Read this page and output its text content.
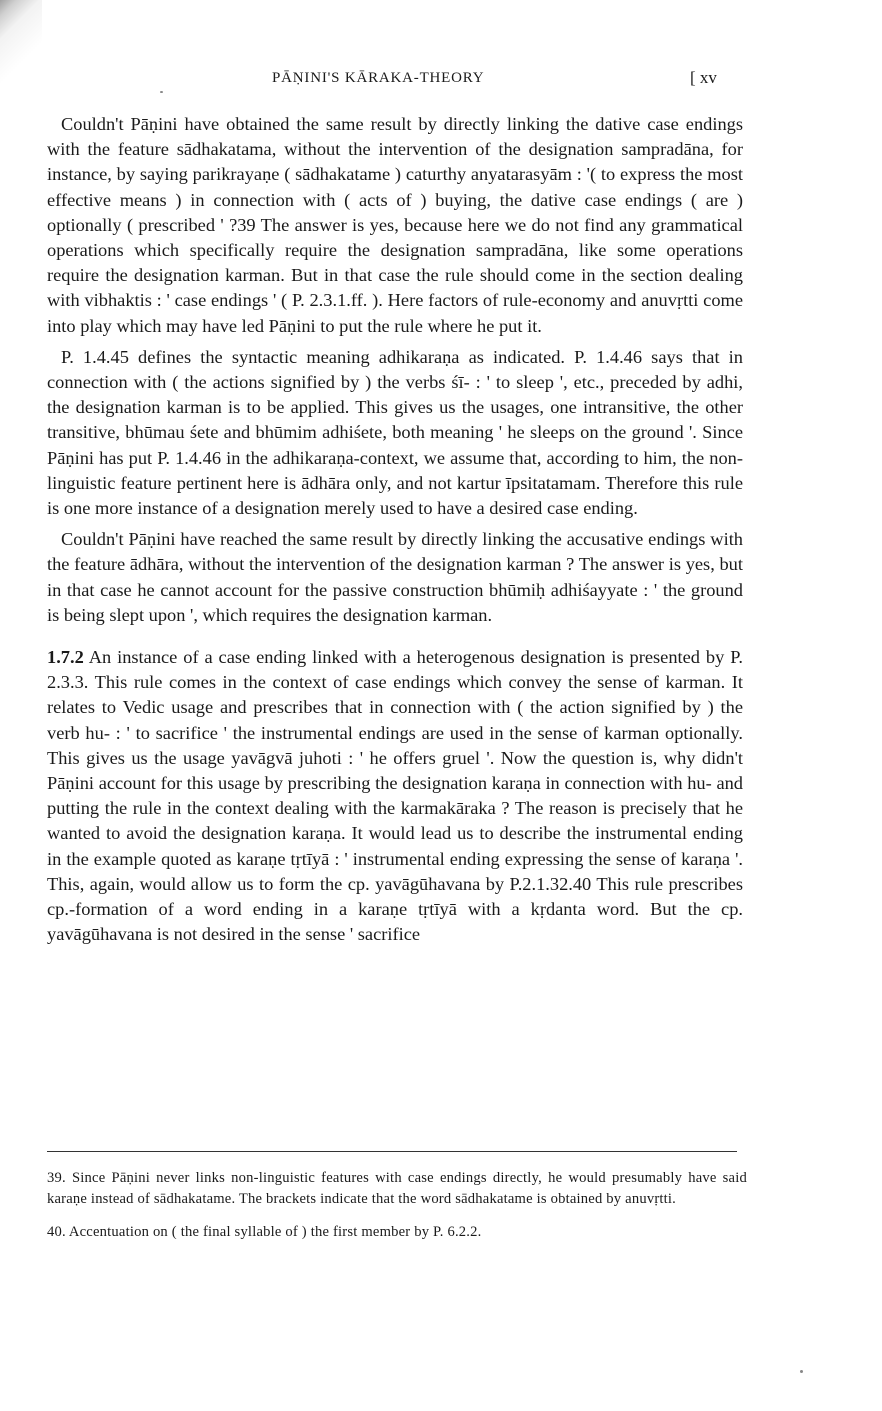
PĀṆINI'S KĀRAKA-THEORY	[ xv

Couldn't Pāṇini have obtained the same result by directly linking the dative case endings with the feature sādhakatama, without the intervention of the designation sampradāna, for instance, by saying parikrayaṇe ( sādhakatame ) caturthy anyatarasyām : '( to express the most effective means ) in connection with ( acts of ) buying, the dative case endings ( are ) optionally ( prescribed ' ?39 The answer is yes, because here we do not find any grammatical operations which specifically require the designation sampradāna, like some operations require the designation karman. But in that case the rule should come in the section dealing with vibhaktis : ' case endings ' ( P. 2.3.1.ff. ). Here factors of rule-economy and anuvṛtti come into play which may have led Pāṇini to put the rule where he put it.

P. 1.4.45 defines the syntactic meaning adhikaraṇa as indicated. P. 1.4.46 says that in connection with ( the actions signified by ) the verbs śī- : ' to sleep ', etc., preceded by adhi, the designation karman is to be applied. This gives us the usages, one intransitive, the other transitive, bhūmau śete and bhūmim adhiśete, both meaning ' he sleeps on the ground '. Since Pāṇini has put P. 1.4.46 in the adhikaraṇa-context, we assume that, according to him, the non-linguistic feature pertinent here is ādhāra only, and not kartur īpsitatamam. Therefore this rule is one more instance of a designation merely used to have a desired case ending.

Couldn't Pāṇini have reached the same result by directly linking the accusative endings with the feature ādhāra, without the intervention of the designation karman ? The answer is yes, but in that case he cannot account for the passive construction bhūmiḥ adhiśayyate : ' the ground is being slept upon ', which requires the designation karman.

1.7.2 An instance of a case ending linked with a heterogenous designation is presented by P. 2.3.3. This rule comes in the context of case endings which convey the sense of karman. It relates to Vedic usage and prescribes that in connection with ( the action signified by ) the verb hu- : ' to sacrifice ' the instrumental endings are used in the sense of karman optionally. This gives us the usage yavāgvā juhoti : ' he offers gruel '. Now the question is, why didn't Pāṇini account for this usage by prescribing the designation karaṇa in connection with hu- and putting the rule in the context dealing with the karmakāraka ? The reason is precisely that he wanted to avoid the designation karaṇa. It would lead us to describe the instrumental ending in the example quoted as karaṇe tṛtīyā : ' instrumental ending expressing the sense of karaṇa '. This, again, would allow us to form the cp. yavāgūhavana by P.2.1.32.40 This rule prescribes cp.-formation of a word ending in a karaṇe tṛtīyā with a kṛdanta word. But the cp. yavāgūhavana is not desired in the sense ' sacrifice

39. Since Pāṇini never links non-linguistic features with case endings directly, he would presumably have said karaṇe instead of sādhakatame. The brackets indicate that the word sādhakatame is obtained by anuvṛtti.

40. Accentuation on ( the final syllable of ) the first member by P. 6.2.2.
